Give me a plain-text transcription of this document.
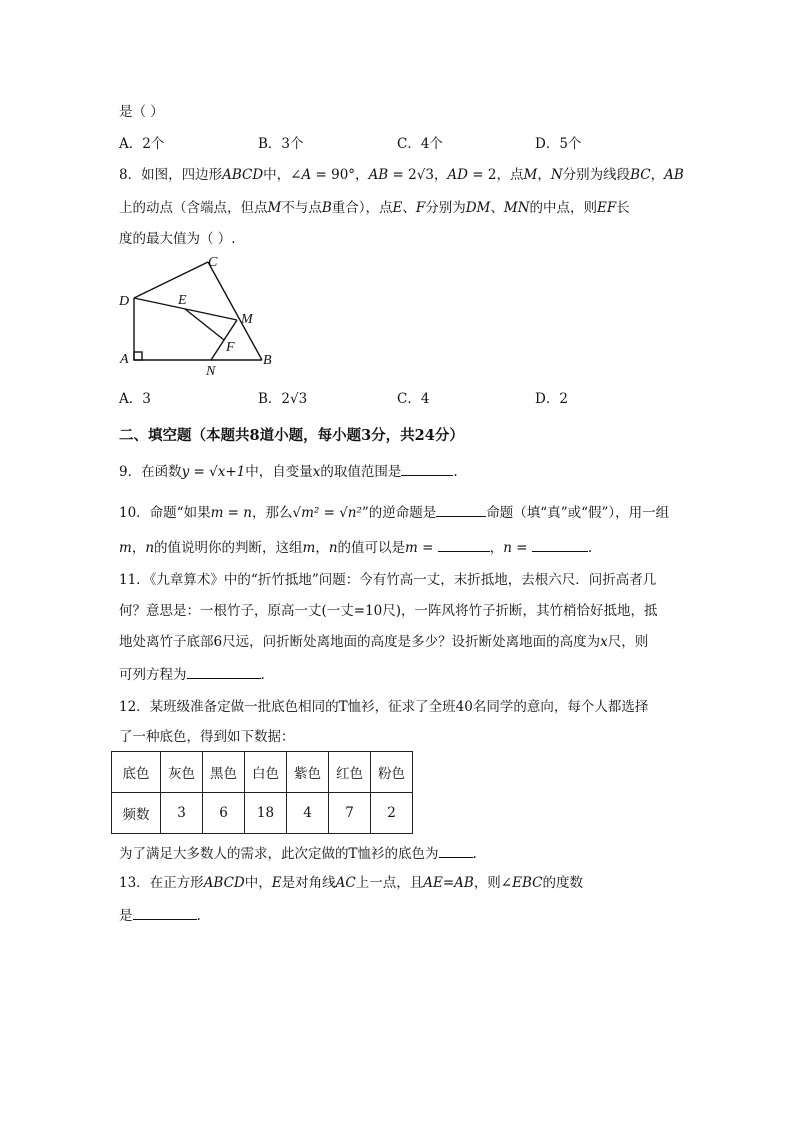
是（ ）
A．2个	B．3个	C．4个	D．5个
8．如图，四边形ABCD中，∠A = 90°，AB = 2√3，AD = 2，点M，N分别为线段BC，AB
上的动点（含端点，但点M不与点B重合），点E、F分别为DM、MN的中点，则EF长
度的最大值为（ ）.
C
D	E
M
F
A
N
B
A．3	B．2√3	C．4	D．2
二、填空题（本题共8道小题，每小题3分，共24分）
9．在函数y = √x+1中，自变量x的取值范围是	.
10．命题“如果m = n，那么√m² = √n²”的逆命题是	命题（填“真”或“假”），用一组
m，n的值说明你的判断，这组m，n的值可以是m =	，n =	.
11．《九章算术》中的“折竹抵地”问题：今有竹高一丈，末折抵地，去根六尺．问折高者几
何？意思是：一根竹子，原高一丈(一丈=10尺)，一阵风将竹子折断，其竹梢恰好抵地，抵
地处离竹子底部6尺远，问折断处离地面的高度是多少？设折断处离地面的高度为x尺，则
可列方程为	.
12．某班级准备定做一批底色相同的T恤衫，征求了全班40名同学的意向，每个人都选择
了一种底色，得到如下数据：
底色	灰色	黑色	白色	紫色	红色	粉色
频数	3	6	18	4	7	2
为了满足大多数人的需求，此次定做的T恤衫的底色为	.
13．在正方形ABCD中，E是对角线AC上一点，且AE=AB，则∠EBC的度数
是	.
